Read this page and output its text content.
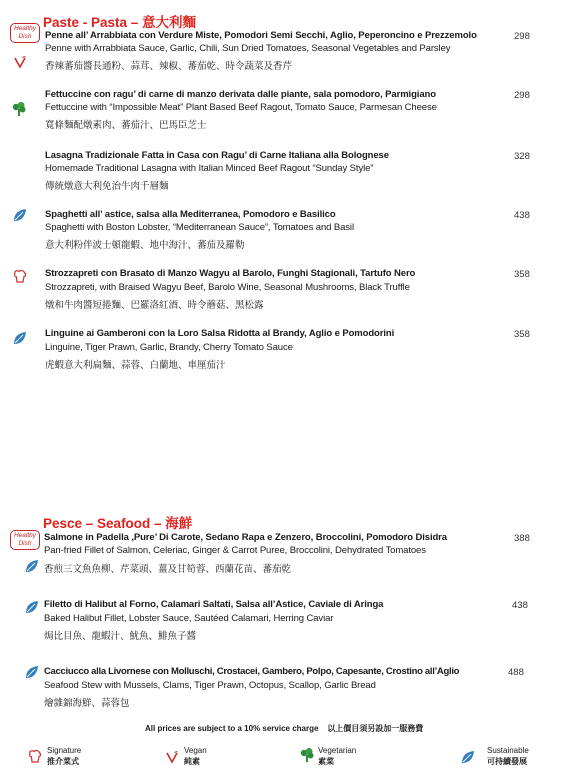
Paste - Pasta – 意大利麵
Healthy
Dish	Penne all’ Arrabbiata con Verdure Miste, Pomodori Semi Secchi, Aglio, Peperoncino e Prezzemolo	298
Penne with Arrabbiata Sauce, Garlic, Chili, Sun Dried Tomatoes, Seasonal Vegetables and Parsley
香辣蕃茄醬長通粉、蒜茸、辣椒、蕃茄乾、時令蔬菜及香芹
Fettuccine con ragu’ di carne di manzo derivata dalle piante, sala pomodoro, Parmigiano	298
Fettuccine with “Impossible Meat” Plant Based Beef Ragout, Tomato Sauce, Parmesan Cheese
寬條麵配燉素肉、蕃茄汁、巴馬臣芝士
Lasagna Tradizionale Fatta in Casa con Ragu’ di Carne Italiana alla Bolognese	328
Homemade Traditional Lasagna with Italian Minced Beef Ragout “Sunday Style”
傳統燉意大利免治牛肉千層麵
Spaghetti all’ astice, salsa alla Mediterranea, Pomodoro e Basilico	438
Spaghetti with Boston Lobster, “Mediterranean Sauce”, Tomatoes and Basil
意大利粉伴波士頓龍蝦、地中海汁、蕃茄及羅勒
Strozzapreti con Brasato di Manzo Wagyu al Barolo, Funghi Stagionali, Tartufo Nero	358
Strozzapreti, with Braised Wagyu Beef, Barolo Wine, Seasonal Mushrooms, Black Truffle
燉和牛肉醬短捲麵、巴羅洛紅酒、時令蘑菇、黑松露
Linguine ai Gamberoni con la Loro Salsa Ridotta al Brandy, Aglio e Pomodorini	358
Linguine, Tiger Prawn, Garlic, Brandy, Cherry Tomato Sauce
虎蝦意大利扁麵、蒜蓉、白蘭地、車厘茄汁
Pesce – Seafood – 海鮮
Healthy
Dish
Salmone in Padella ,Pure’ Di Carote, Sedano Rapa e Zenzero, Broccolini, Pomodoro Disidra	388
Pan-fried Fillet of Salmon, Celeriac, Ginger & Carrot Puree, Broccolini, Dehydrated Tomatoes
香煎三文魚魚柳、芹菜頭、薑及甘筍蓉、西蘭花苗、蕃茄乾
Filetto di Halibut al Forno, Calamari Saltati, Salsa all’Astice, Caviale di Aringa	438
Baked Halibut Fillet, Lobster Sauce, Sautéed Calamari, Herring Caviar
焗比目魚、龍蝦汁、魷魚、鯡魚子醬
Cacciucco alla Livornese con Molluschi, Crostacei, Gambero, Polpo, Capesante, Crostino all’Aglio	488
Seafood Stew with Mussels, Clams, Tiger Prawn, Octopus, Scallop, Garlic Bread
燴雜錦海鮮、蒜蓉包
All prices are subject to a 10% service charge    以上價目須另設加一服務費
Signature
推介菜式
Vegan
純素
Vegetarian
素菜
Sustainable
可持續發展
